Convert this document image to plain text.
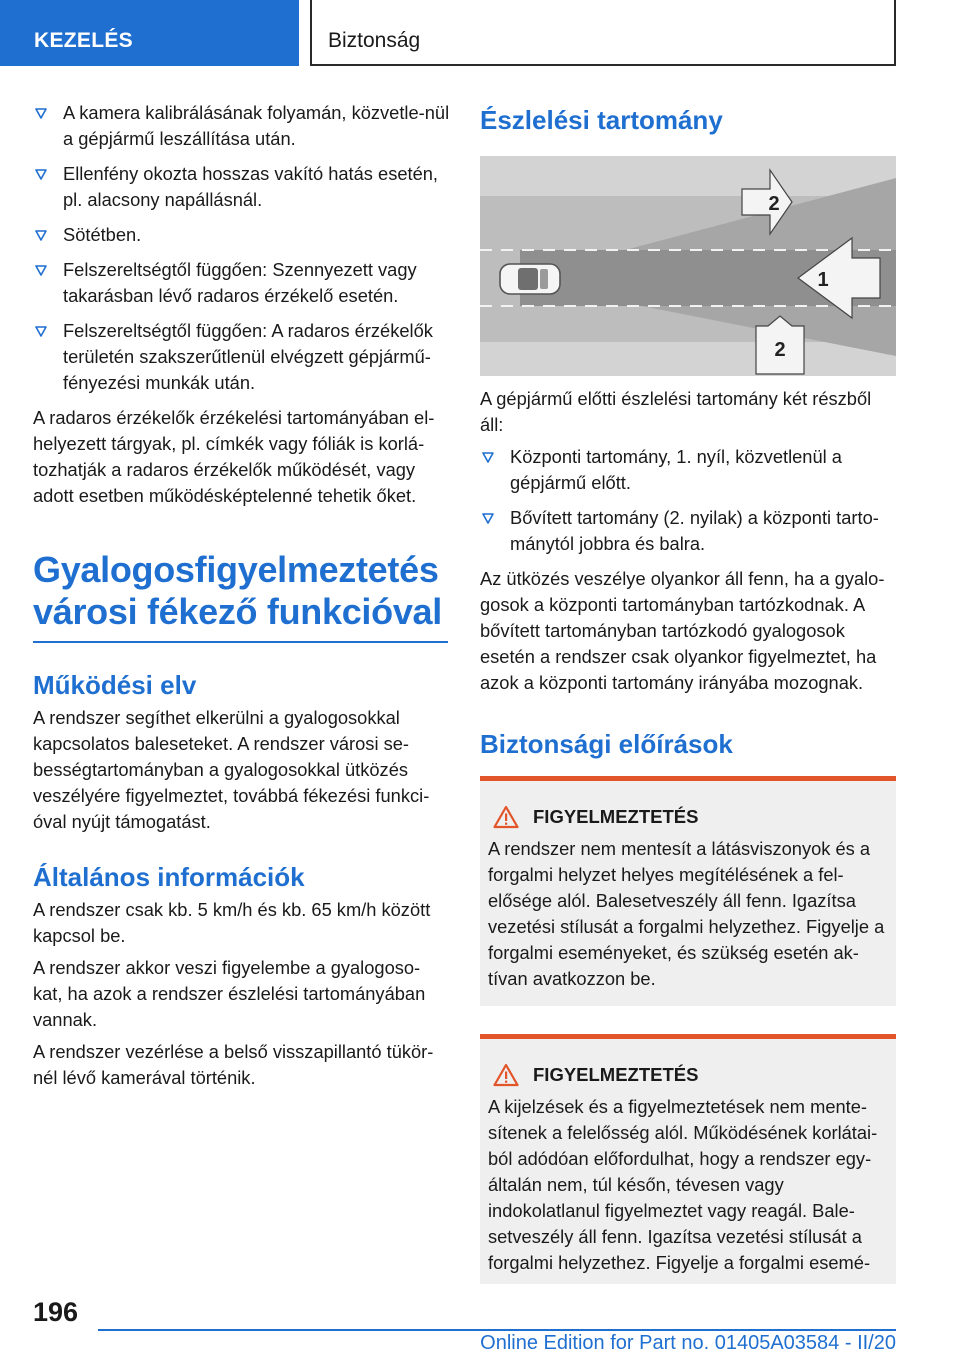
KEZELÉS	Biztonság
A kamera kalibrálásának folyamán, közvetle-nül a gépjármű leszállítása után.
Ellenfény okozta hosszas vakító hatás esetén, pl. alacsony napállásnál.
Sötétben.
Felszereltségtől függően: Szennyezett vagy takarásban lévő radaros érzékelő esetén.
Felszereltségtől függően: A radaros érzékelők területén szakszerűtlenül elvégzett gépjármű-fényezési munkák után.

A radaros érzékelők érzékelési tartományában el-helyezett tárgyak, pl. címkék vagy fóliák is korlá-tozhatják a radaros érzékelők működését, vagy adott esetben működésképtelenné tehetik őket.

Gyalogosfigyelmeztetés városi fékező funkcióval
Működési elv

A rendszer segíthet elkerülni a gyalogosokkal kapcsolatos baleseteket. A rendszer városi se-bességtartományban a gyalogosokkal ütközés veszélyére figyelmeztet, továbbá fékezési funkci-óval nyújt támogatást.

Általános információk

A rendszer csak kb. 5 km/h és kb. 65 km/h között kapcsol be.

A rendszer akkor veszi figyelembe a gyalogoso-kat, ha azok a rendszer észlelési tartományában vannak.

A rendszer vezérlése a belső visszapillantó tükör-nél lévő kamerával történik.

Észlelési tartomány
2
1
2

A gépjármű előtti észlelési tartomány két részből áll:

Központi tartomány, 1. nyíl, közvetlenül a gépjármű előtt.
Bővített tartomány (2. nyilak) a központi tarto-mánytól jobbra és balra.

Az ütközés veszélye olyankor áll fenn, ha a gyalo-gosok a központi tartományban tartózkodnak. A bővített tartományban tartózkodó gyalogosok esetén a rendszer csak olyankor figyelmeztet, ha azok a központi tartomány irányába mozognak.

Biztonsági előírások
FIGYELMEZTETÉS
A rendszer nem mentesít a látásviszonyok és a forgalmi helyzet helyes megítélésének a fel-elősége alól. Balesetveszély áll fenn. Igazítsa vezetési stílusát a forgalmi helyzethez. Figyelje a forgalmi eseményeket, és szükség esetén ak-tívan avatkozzon be.
FIGYELMEZTETÉS
A kijelzések és a figyelmeztetések nem mente-sítenek a felelősség alól. Működésének korlátai-ból adódóan előfordulhat, hogy a rendszer egy-általán nem, túl későn, tévesen vagy indokolatlanul figyelmeztet vagy reagál. Bale-setveszély áll fenn. Igazítsa vezetési stílusát a forgalmi helyzethez. Figyelje a forgalmi esemé-
196
Online Edition for Part no. 01405A03584 - II/20
